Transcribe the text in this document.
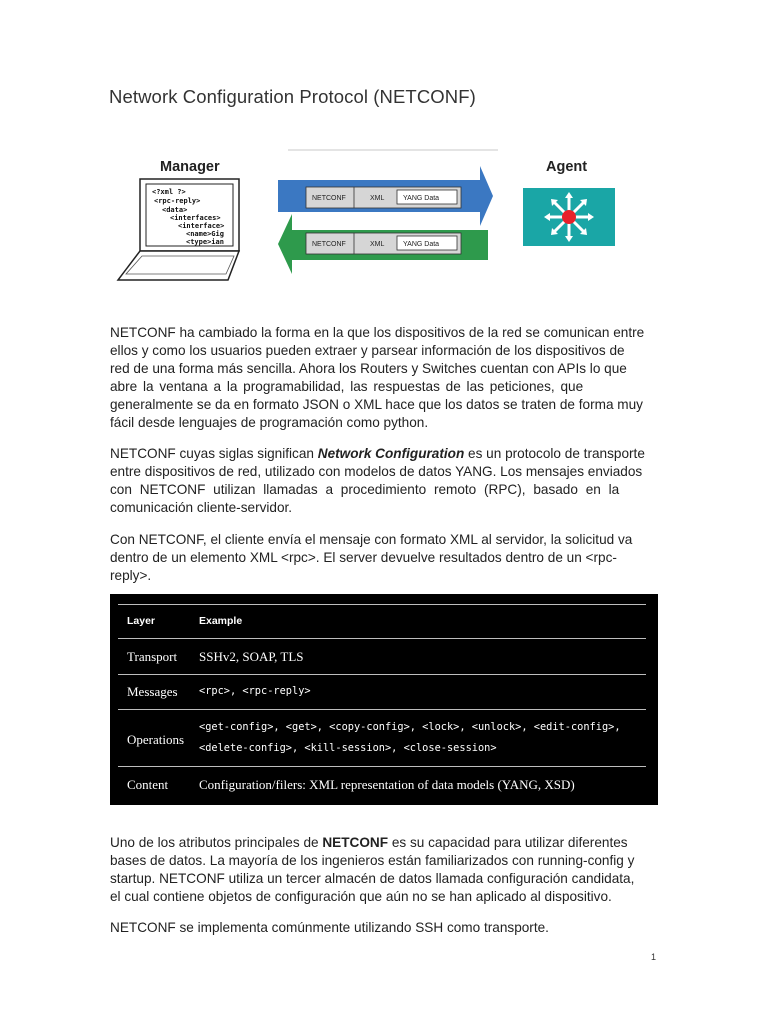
Network Configuration Protocol (NETCONF)
Manager	Agent
<?xml ?> <rpc-reply> <data> <interfaces> <interface> <name>Gig <type>ian
NETCONF	XML	YANG Data
NETCONF	XML	YANG Data
NETCONF ha cambiado la forma en la que los dispositivos de la red se comunican entre
ellos y como los usuarios pueden extraer y parsear información de los dispositivos de
red de una forma más sencilla. Ahora los Routers y Switches cuentan con APIs lo que
abre la ventana a la programabilidad, las respuestas de las peticiones, que
generalmente se da en formato JSON o XML hace que los datos se traten de forma muy
fácil desde lenguajes de programación como python.
NETCONF cuyas siglas significan Network Configuration es un protocolo de transporte
entre dispositivos de red, utilizado con modelos de datos YANG. Los mensajes enviados
con NETCONF utilizan llamadas a procedimiento remoto (RPC), basado en la
comunicación cliente-servidor.
Con NETCONF, el cliente envía el mensaje con formato XML al servidor, la solicitud va
dentro de un elemento XML <rpc>. El server devuelve resultados dentro de un <rpc-
reply>.
Layer	Example
Transport SSHv2, SOAP, TLS
Messages <rpc>, <rpc-reply>
Operations
<get-config>, <get>, <copy-config>, <lock>, <unlock>, <edit-config>,
<delete-config>, <kill-session>, <close-session>
Content Configuration/filers: XML representation of data models (YANG, XSD)
Uno de los atributos principales de NETCONF es su capacidad para utilizar diferentes
bases de datos. La mayoría de los ingenieros están familiarizados con running-config y
startup. NETCONF utiliza un tercer almacén de datos llamada configuración candidata,
el cual contiene objetos de configuración que aún no se han aplicado al dispositivo.
NETCONF se implementa comúnmente utilizando SSH como transporte.
1
